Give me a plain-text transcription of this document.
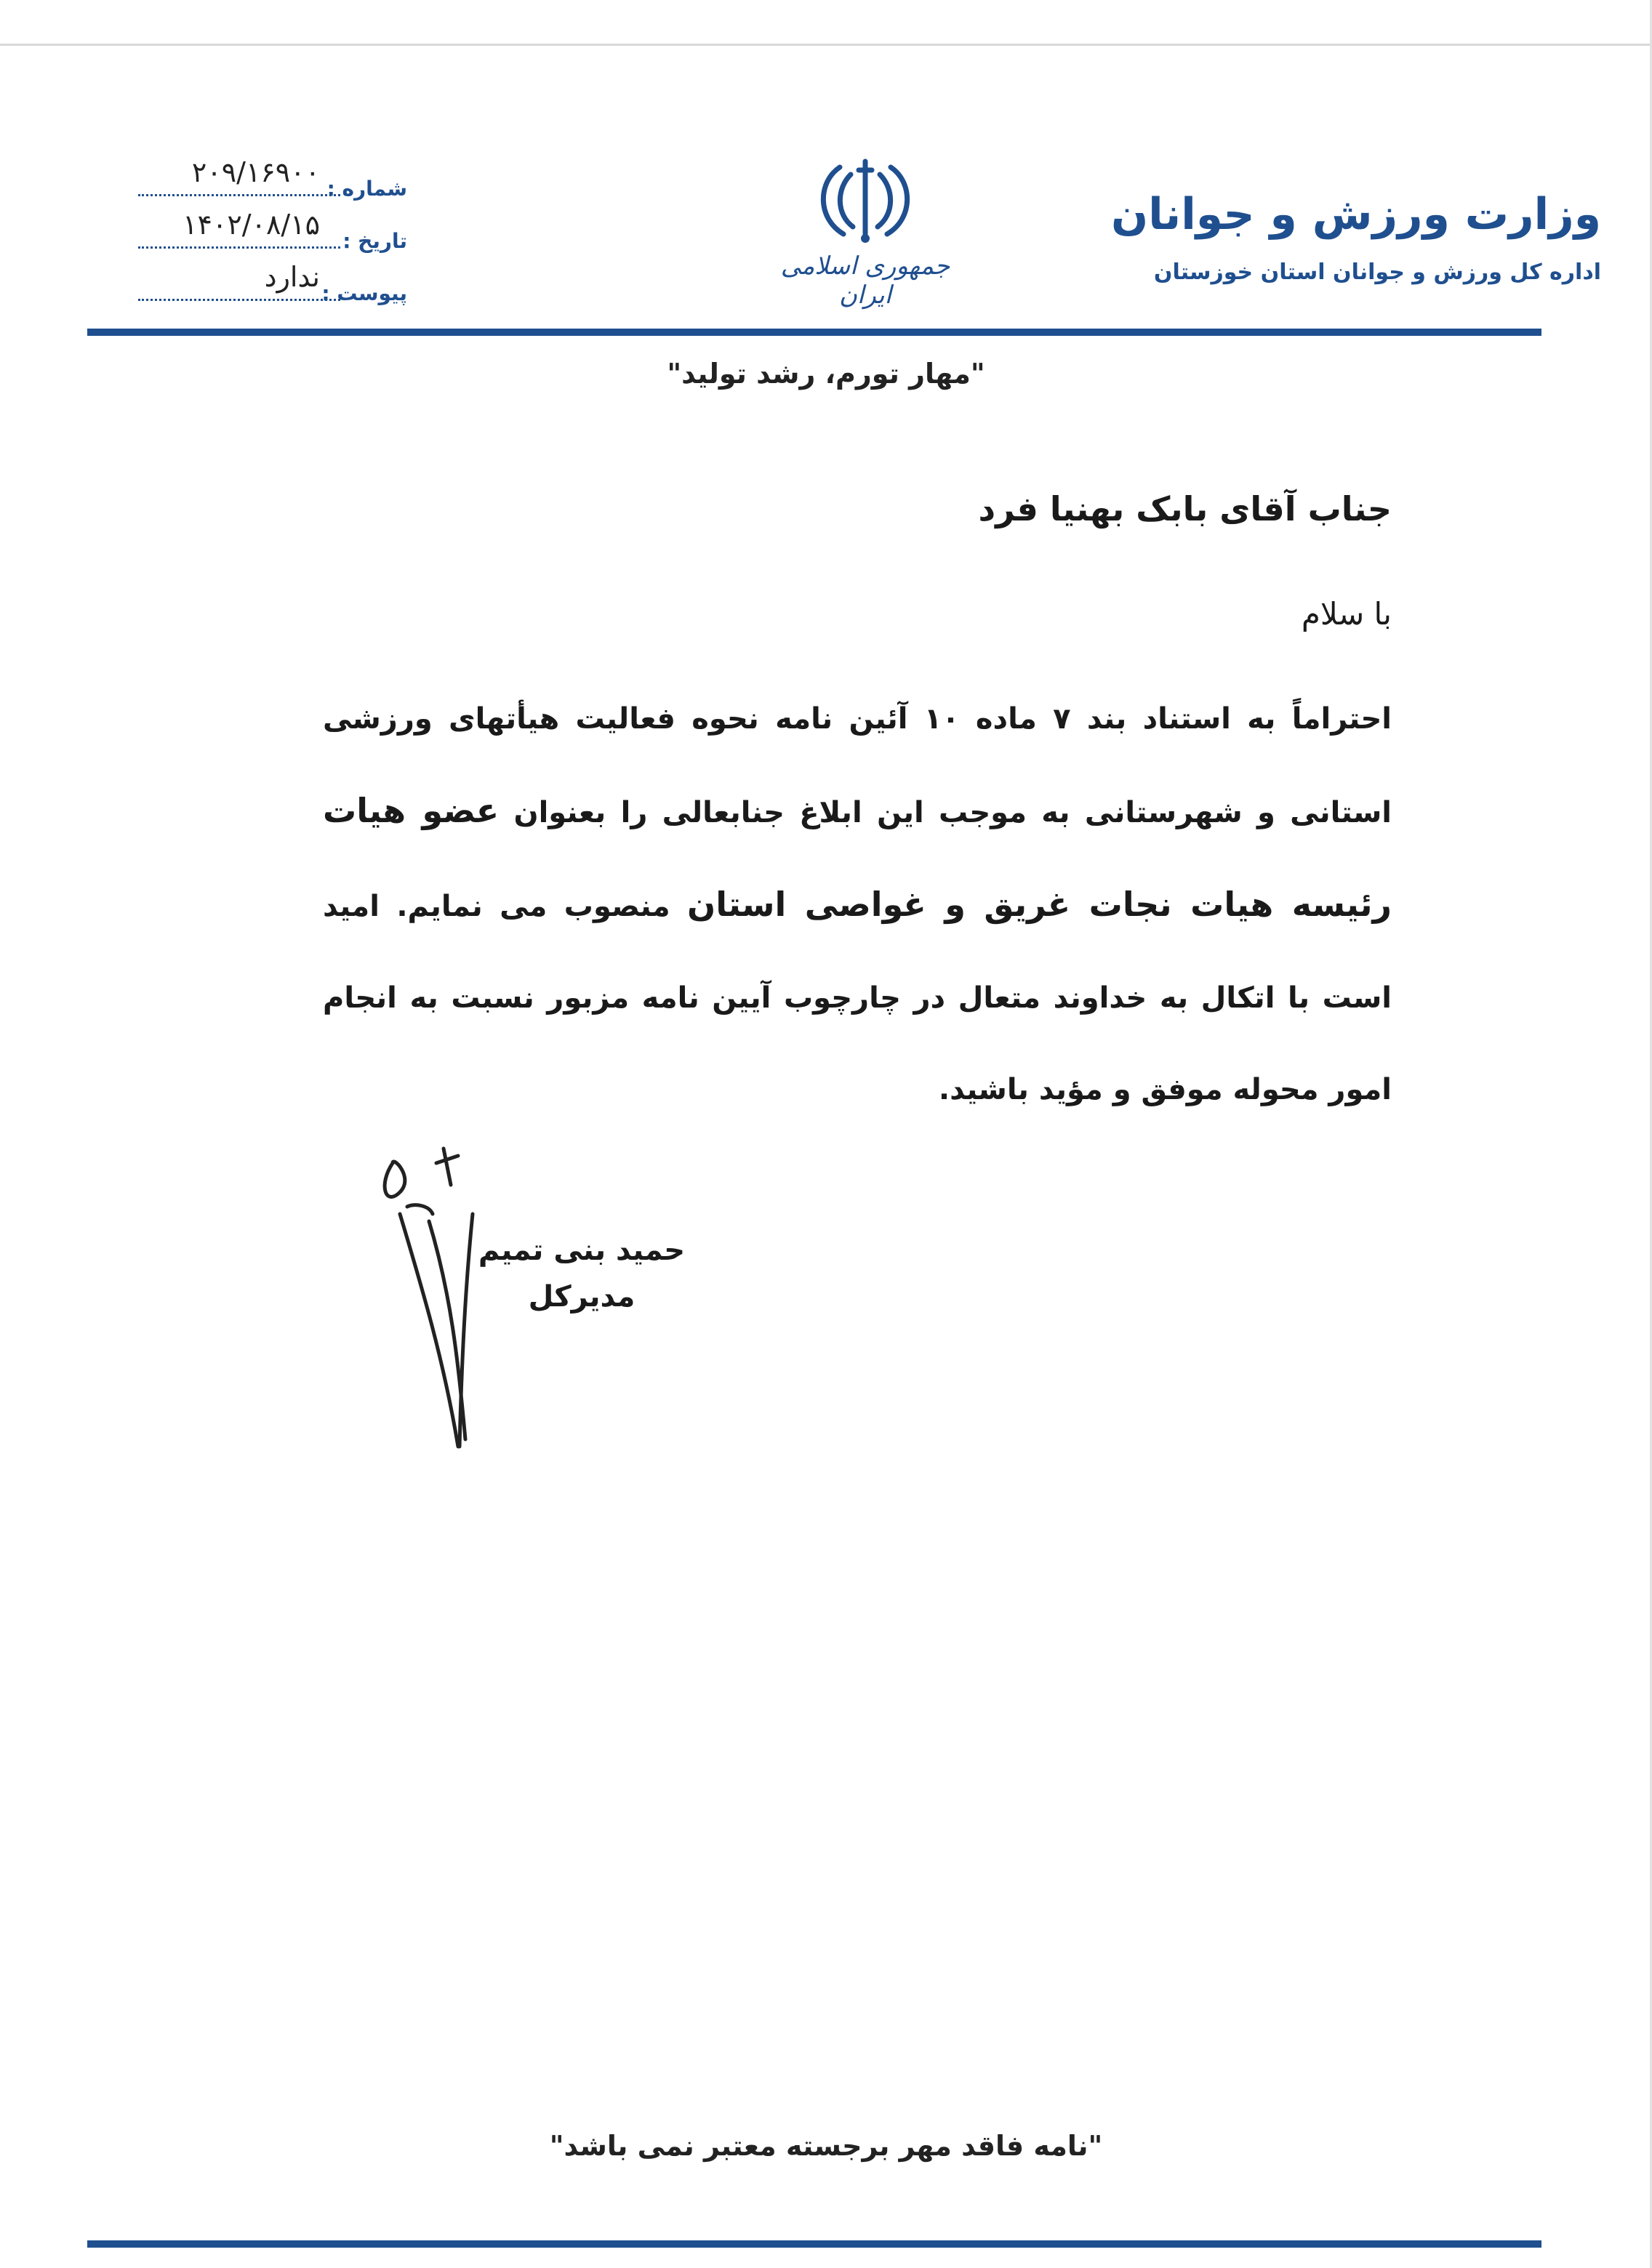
وزارت ورزش و جوانان
اداره کل ورزش و جوانان استان خوزستان
جمهوری اسلامی ایران
شماره :
۲۰۹/۱۶۹۰۰
تاریخ :
۱۴۰۲/۰۸/۱۵
پیوست :
ندارد
"مهار تورم، رشد تولید"

جناب آقای بابک بهنیا فرد

با سلام

احتراماً به استناد بند ۷ ماده ۱۰ آئین نامه نحوه فعالیت هیأتهای ورزشی استانی و شهرستانی به موجب این ابلاغ جنابعالی را بعنوان عضو هیات رئیسه هیات نجات غریق و غواصی استان منصوب می نمایم. امید است با اتکال به خداوند متعال در چارچوب آیین نامه مزبور نسبت به انجام امور محوله موفق و مؤید باشید.

حمید بنی تمیم
مدیرکل
"نامه فاقد مهر برجسته معتبر نمی باشد"
